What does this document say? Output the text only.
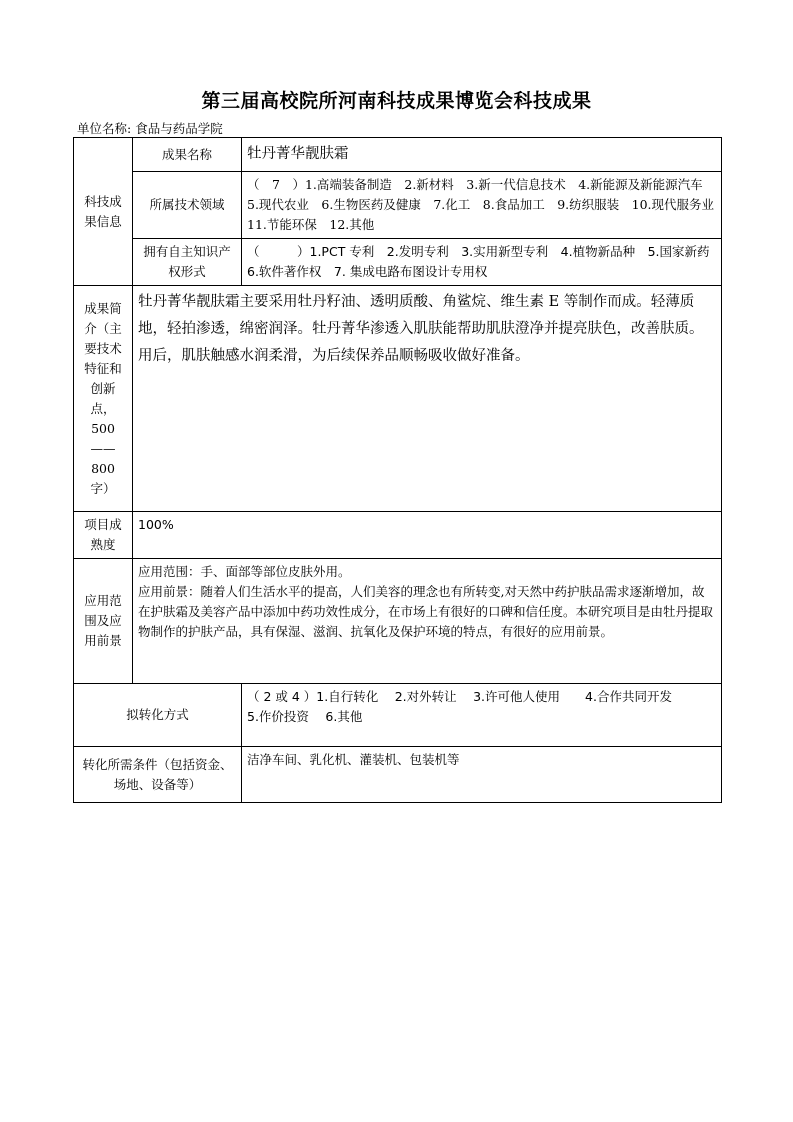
第三届高校院所河南科技成果博览会科技成果
单位名称: 食品与药品学院
科技成果信息	成果名称	牡丹菁华靓肤霜
	所属技术领域	（　7　）1.高端装备制造　2.新材料　3.新一代信息技术　4.新能源及新能源汽车　5.现代农业　6.生物医药及健康　7.化工　8.食品加工　9.纺织服装　10.现代服务业　11.节能环保　12.其他
	拥有自主知识产权形式	（　　　）1.PCT 专利　2.发明专利　3.实用新型专利　4.植物新品种　5.国家新药　6.软件著作权　7. 集成电路布图设计专用权
成果简介（主要技术特征和创新点，500——800字）	牡丹菁华靓肤霜主要采用牡丹籽油、透明质酸、角鲨烷、维生素 E 等制作而成。轻薄质地，轻拍渗透，绵密润泽。牡丹菁华渗透入肌肤能帮助肌肤澄净并提亮肤色，改善肤质。用后，肌肤触感水润柔滑，为后续保养品顺畅吸收做好准备。	
项目成熟度	100%	
应用范围及应用前景	应用范围：手、面部等部位皮肤外用。
应用前景：随着人们生活水平的提高，人们美容的理念也有所转变,对天然中药护肤品需求逐渐增加，故在护肤霜及美容产品中添加中药功效性成分，在市场上有很好的口碑和信任度。本研究项目是由牡丹提取物制作的护肤产品，具有保湿、滋润、抗氧化及保护环境的特点，有很好的应用前景。	

拟转化方式		（ 2 或 4 ）1.自行转化　 2.对外转让　 3.许可他人使用　　4.合作共同开发
5.作价投资　 6.其他

转化所需条件（包括资金、场地、设备等）		洁净车间、乳化机、灌装机、包装机等
